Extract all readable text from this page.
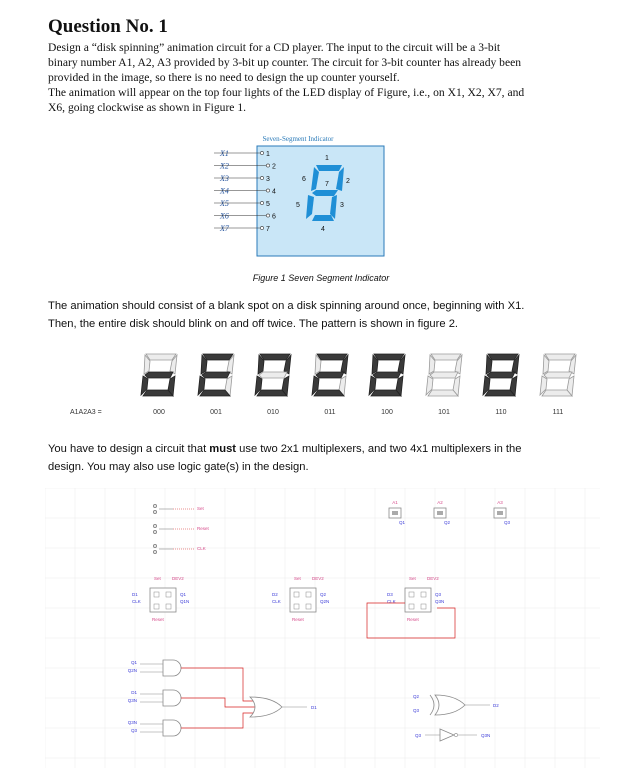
Question No. 1

Design a “disk spinning” animation circuit for a CD player. The input to the circuit will be a 3-bit

binary number A1, A2, A3 provided by 3-bit up counter. The circuit for 3-bit counter has already been

provided in the image, so there is no need to design the up counter yourself.

The animation will appear on the top four lights of the LED display of Figure, i.e., on X1, X2, X7, and

X6, going clockwise as shown in Figure 1.

Seven-Segment Indicator
X1	1
X2	2
X3	3
X4	4
X5	5
X6	6
X7	7
1
2
3
4
5
6
7
Figure 1 Seven Segment Indicator

The animation should consist of a blank spot on a disk spinning around once, beginning with X1.

Then, the entire disk should blink on and off twice. The pattern is shown in figure 2.

A1A2A3 =	000	001	010	011	100	101	110	111

You have to design a circuit that must use two 2x1 multiplexers, and two 4x1 multiplexers in the

design. You may also use logic gate(s) in the design.

Set
Reset
CLK
DEV2
Set
D1
CLK
Q1
Q1N
Reset
DEV2
Set
D2
CLK
Q2
Q2N
Reset
DEV2
Set
D3
CLK
Q3
Q3N
Reset
A1
Q1
A2
Q2
A3
Q3
Q1
Q2N
D1
Q3N
Q3N
Q3
D1
Q2
Q3
D2
Q3	Q3N
